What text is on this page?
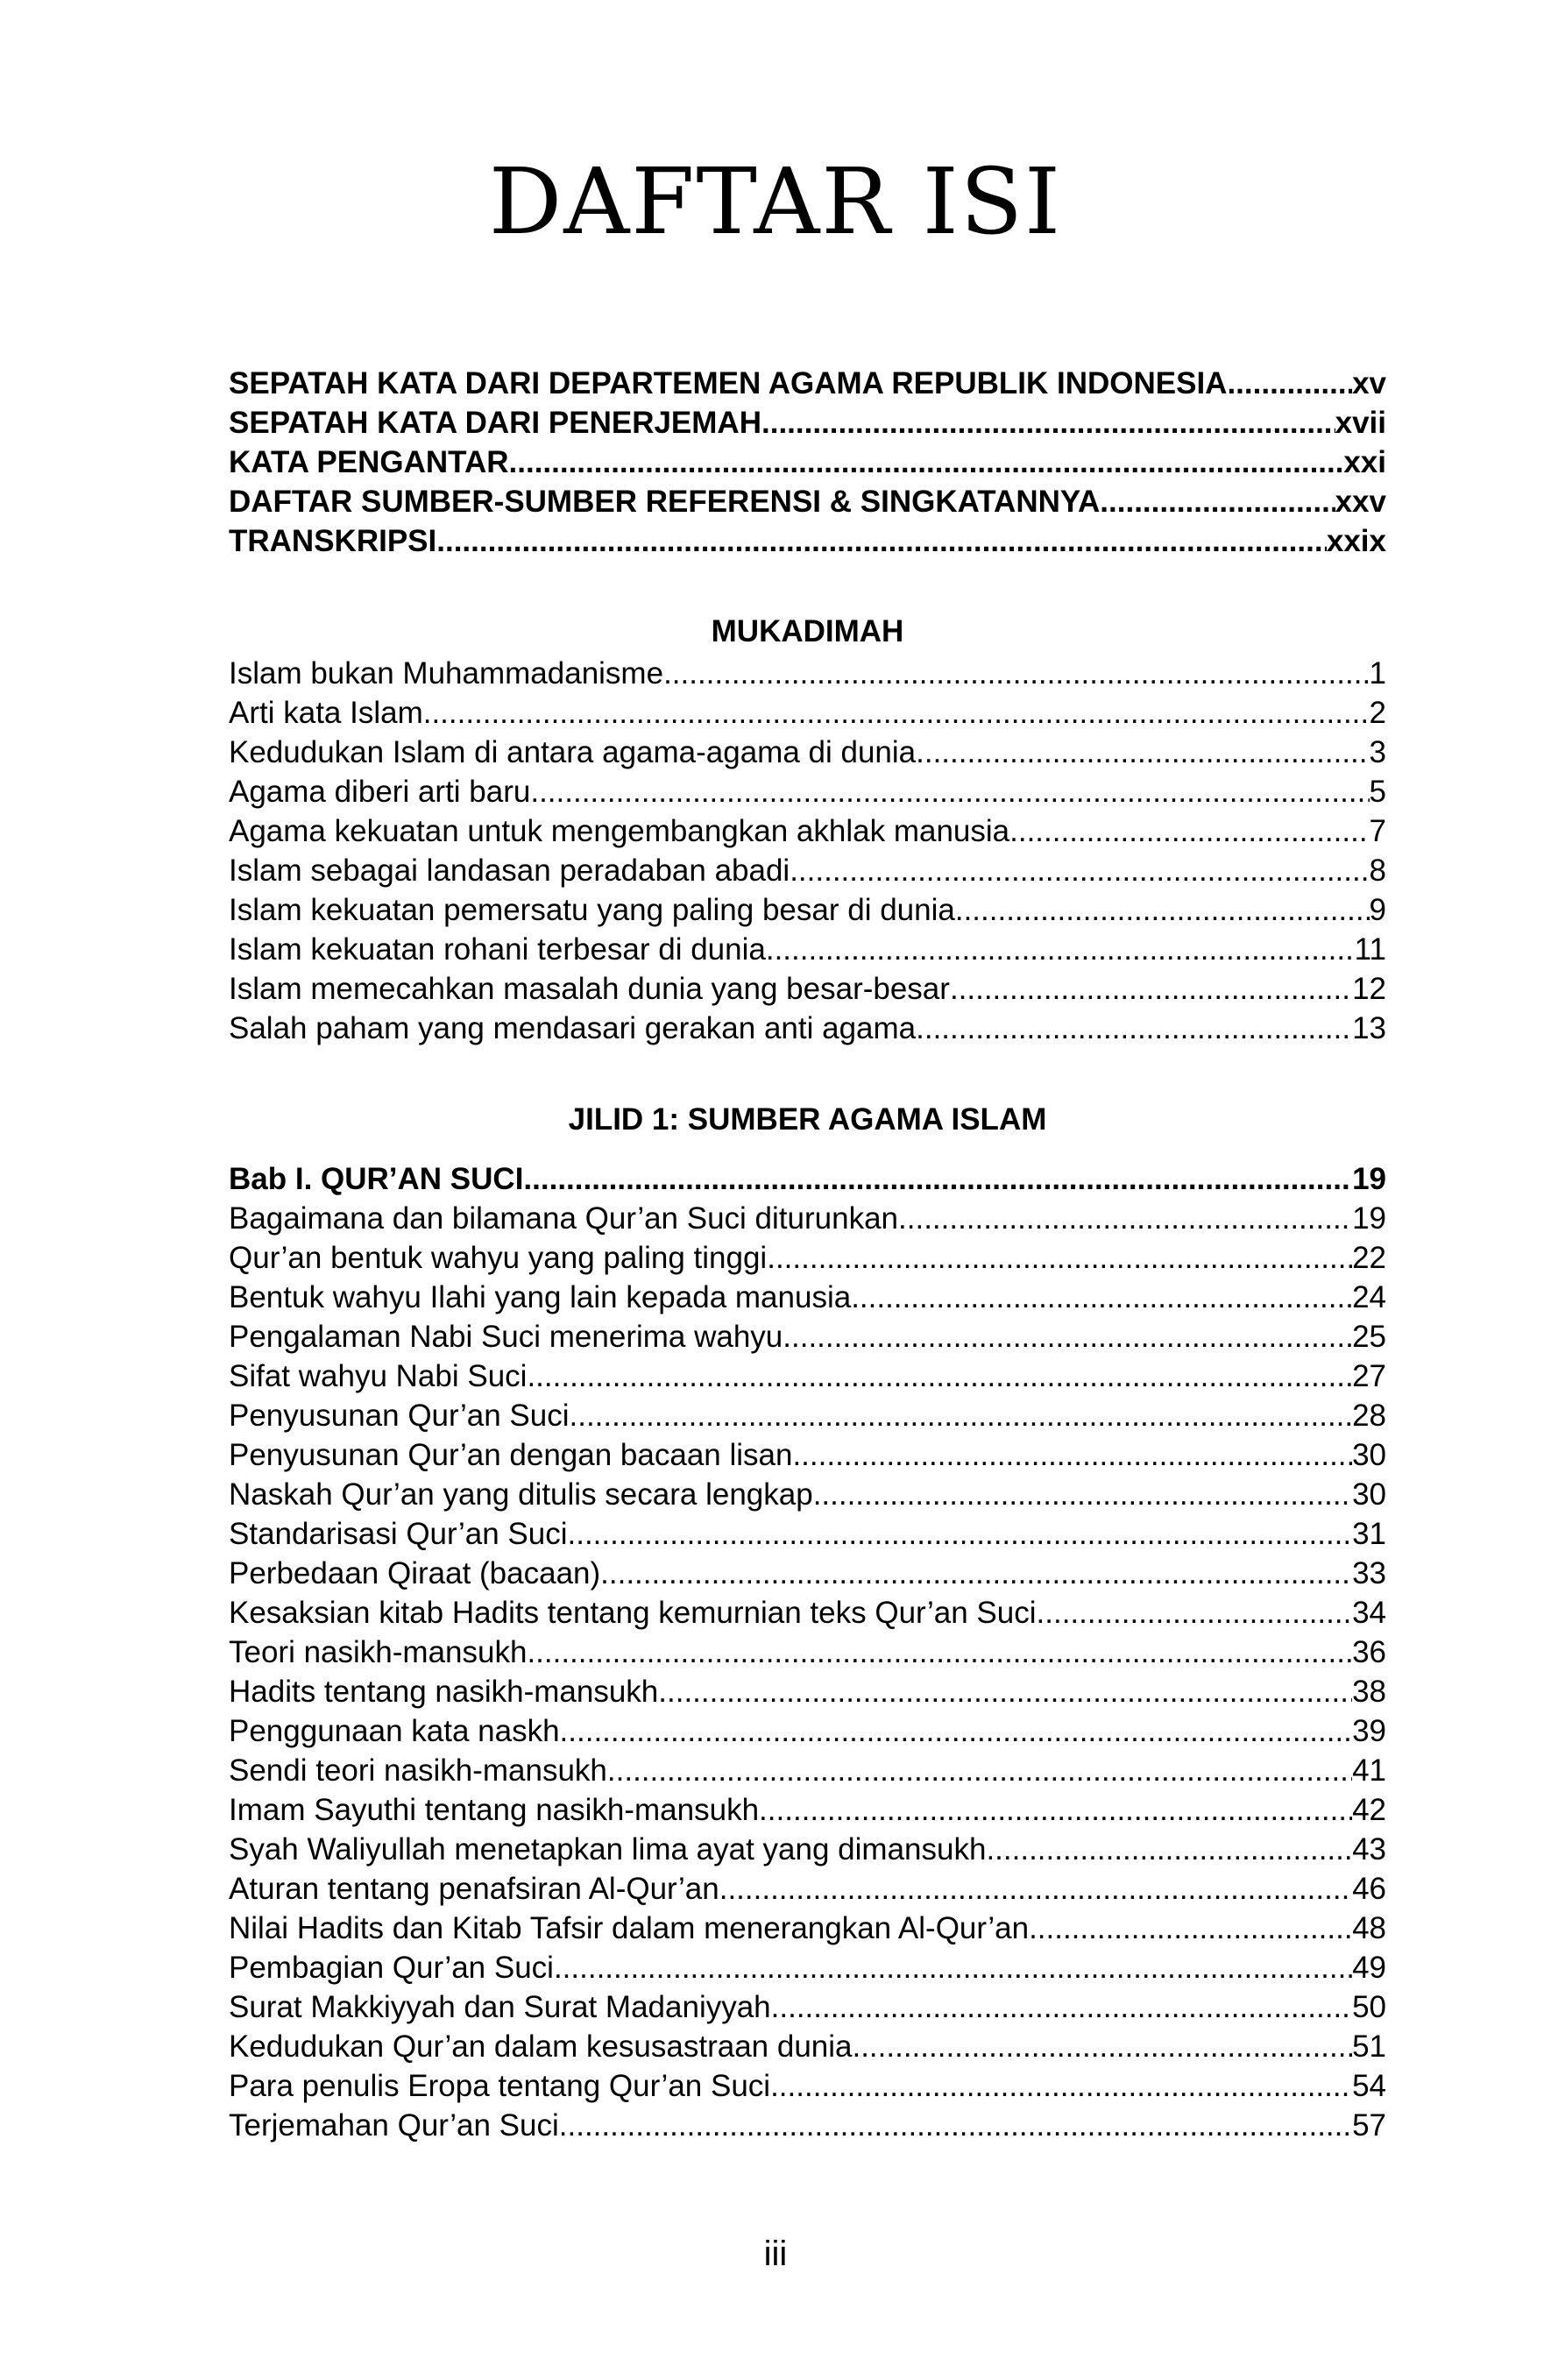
DAFTAR ISI
SEPATAH KATA DARI DEPARTEMEN AGAMA REPUBLIK INDONESIA .....	xv
SEPATAH KATA DARI PENERJEMAH .....	xvii
KATA PENGANTAR .....	xxi
DAFTAR SUMBER-SUMBER REFERENSI & SINGKATANNYA .....	xxv
TRANSKRIPSI .....	xxix
MUKADIMAH
Islam bukan Muhammadanisme .....	1
Arti kata Islam .....	2
Kedudukan Islam di antara agama-agama di dunia .....	3
Agama diberi arti baru .....	5
Agama kekuatan untuk mengembangkan akhlak manusia .....	7
Islam sebagai landasan peradaban abadi .....	8
Islam kekuatan pemersatu yang paling besar di dunia .....	9
Islam kekuatan rohani terbesar di dunia .....	11
Islam memecahkan masalah dunia yang besar-besar .....	12
Salah paham yang mendasari gerakan anti agama .....	13
JILID 1: SUMBER AGAMA ISLAM
Bab I. QUR’AN SUCI .....	19
Bagaimana dan bilamana Qur’an Suci diturunkan .....	19
Qur’an bentuk wahyu yang paling tinggi .....	22
Bentuk wahyu Ilahi yang lain kepada manusia .....	24
Pengalaman Nabi Suci menerima wahyu .....	25
Sifat wahyu Nabi Suci .....	27
Penyusunan Qur’an Suci .....	28
Penyusunan Qur’an dengan bacaan lisan .....	30
Naskah Qur’an yang ditulis secara lengkap .....	30
Standarisasi Qur’an Suci .....	31
Perbedaan Qiraat (bacaan) .....	33
Kesaksian kitab Hadits tentang kemurnian teks Qur’an Suci .....	34
Teori nasikh-mansukh .....	36
Hadits tentang nasikh-mansukh .....	38
Penggunaan kata naskh .....	39
Sendi teori nasikh-mansukh .....	41
Imam Sayuthi tentang nasikh-mansukh .....	42
Syah Waliyullah menetapkan lima ayat yang dimansukh .....	43
Aturan tentang penafsiran Al-Qur’an .....	46
Nilai Hadits dan Kitab Tafsir dalam menerangkan Al-Qur’an .....	48
Pembagian Qur’an Suci .....	49
Surat Makkiyyah dan Surat Madaniyyah .....	50
Kedudukan Qur’an dalam kesusastraan dunia .....	51
Para penulis Eropa tentang Qur’an Suci .....	54
Terjemahan Qur’an Suci .....	57
iii
